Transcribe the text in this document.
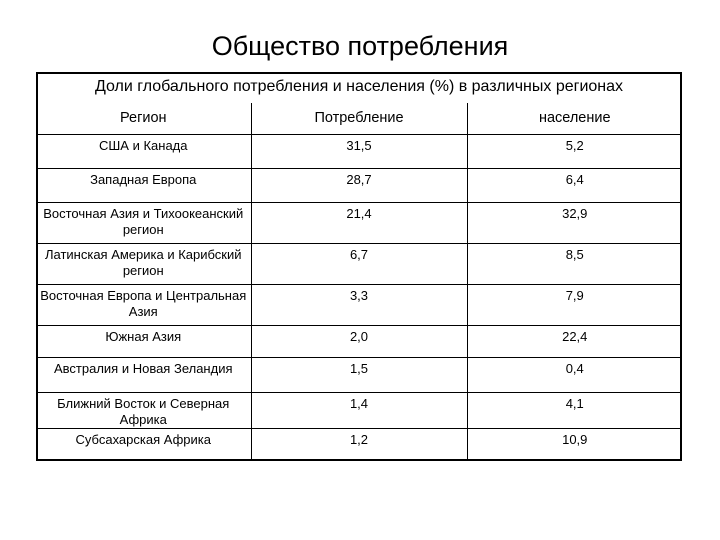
Общество потребления
Доли глобального потребления и населения (%) в различных регионах
Регион	Потребление	население
США и Канада	31,5	5,2
Западная Европа	28,7	6,4
Восточная Азия и Тихоокеанский регион	21,4	32,9
Латинская Америка и Карибский регион	6,7	8,5
Восточная Европа и Центральная Азия	3,3	7,9
Южная Азия	2,0	22,4
Австралия и Новая Зеландия	1,5	0,4
Ближний Восток и Северная Африка	1,4	4,1
Субсахарская Африка	1,2	10,9
